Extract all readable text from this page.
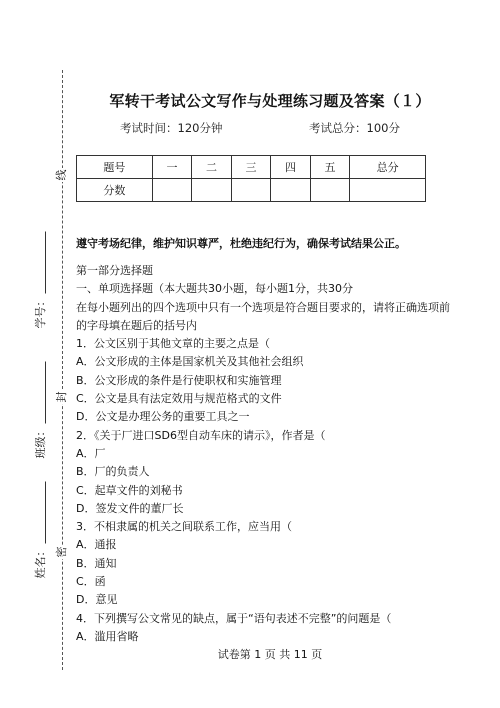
线
封
密
学号：
班级：
姓名：
军转干考试公文写作与处理练习题及答案（１）
考试时间：120分钟	考试总分：100分
题号	一	二	三	四	五	总分
分数						
遵守考场纪律，维护知识尊严，杜绝违纪行为，确保考试结果公正。
第一部分选择题
一、单项选择题（本大题共30小题，每小题1分，共30分
在每小题列出的四个选项中只有一个选项是符合题目要求的，请将正确选项前
的字母填在题后的括号内
1．公文区别于其他文章的主要之点是（
A．公文形成的主体是国家机关及其他社会组织
B．公文形成的条件是行使职权和实施管理
C．公文是具有法定效用与规范格式的文件
D．公文是办理公务的重要工具之一
2．《关于厂进口SD6型自动车床的请示》，作者是（
A．厂
B．厂的负责人
C．起草文件的刘秘书
D．签发文件的董厂长
3．不相隶属的机关之间联系工作，应当用（
A．通报
B．通知
C．函
D．意见
4．下列撰写公文常见的缺点，属于“语句表述不完整”的问题是（
A．滥用省略
试卷第 1 页 共 11 页
